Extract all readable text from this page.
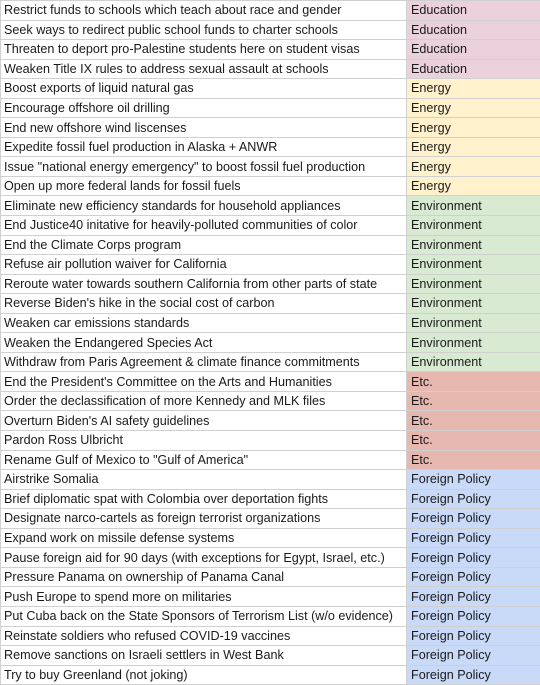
Restrict funds to schools which teach about race and gender	Education
Seek ways to redirect public school funds to charter schools	Education
Threaten to deport pro-Palestine students here on student visas	Education
Weaken Title IX rules to address sexual assault at schools	Education
Boost exports of liquid natural gas	Energy
Encourage offshore oil drilling	Energy
End new offshore wind liscenses	Energy
Expedite fossil fuel production in Alaska + ANWR	Energy
Issue "national energy emergency" to boost fossil fuel production	Energy
Open up more federal lands for fossil fuels	Energy
Eliminate new efficiency standards for household appliances	Environment
End Justice40 initative for heavily-polluted communities of color	Environment
End the Climate Corps program	Environment
Refuse air pollution waiver for California	Environment
Reroute water towards southern California from other parts of state	Environment
Reverse Biden's hike in the social cost of carbon	Environment
Weaken car emissions standards	Environment
Weaken the Endangered Species Act	Environment
Withdraw from Paris Agreement & climate finance commitments	Environment
End the President's Committee on the Arts and Humanities	Etc.
Order the declassification of more Kennedy and MLK files	Etc.
Overturn Biden's AI safety guidelines	Etc.
Pardon Ross Ulbricht	Etc.
Rename Gulf of Mexico to "Gulf of America"	Etc.
Airstrike Somalia	Foreign Policy
Brief diplomatic spat with Colombia over deportation fights	Foreign Policy
Designate narco-cartels as foreign terrorist organizations	Foreign Policy
Expand work on missile defense systems	Foreign Policy
Pause foreign aid for 90 days (with exceptions for Egypt, Israel, etc.)	Foreign Policy
Pressure Panama on ownership of Panama Canal	Foreign Policy
Push Europe to spend more on militaries	Foreign Policy
Put Cuba back on the State Sponsors of Terrorism List (w/o evidence)	Foreign Policy
Reinstate soldiers who refused COVID-19 vaccines	Foreign Policy
Remove sanctions on Israeli settlers in West Bank	Foreign Policy
Try to buy Greenland (not joking)	Foreign Policy
